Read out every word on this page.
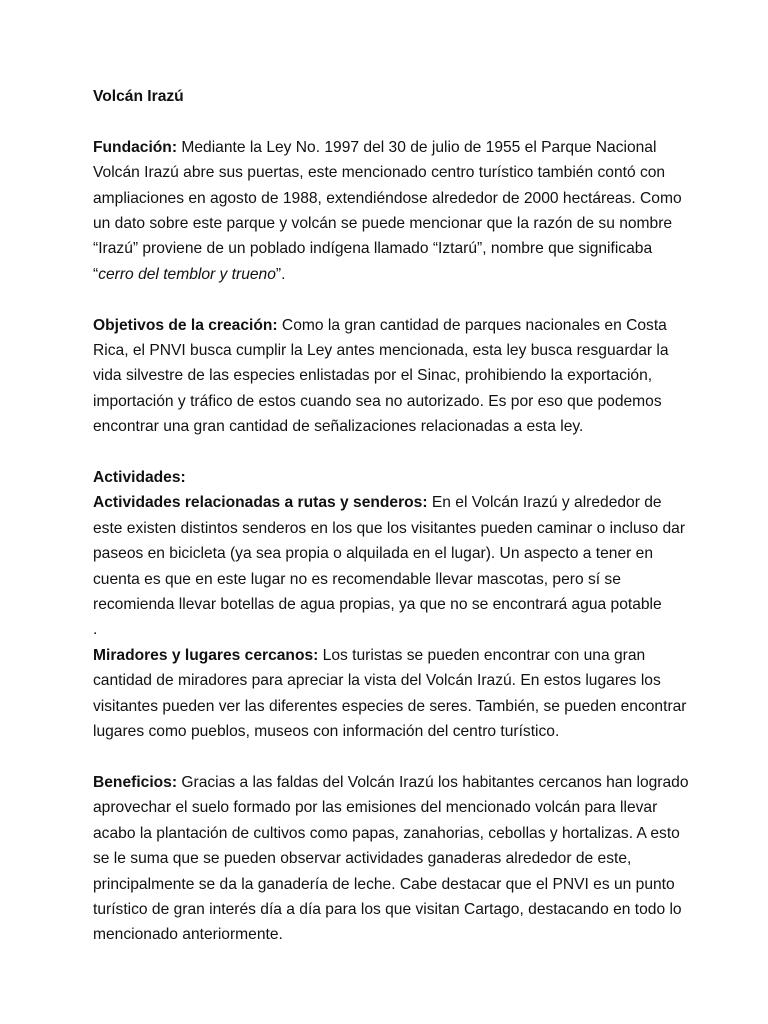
Volcán Irazú

Fundación: Mediante la Ley No. 1997 del 30 de julio de 1955 el Parque Nacional Volcán Irazú abre sus puertas, este mencionado centro turístico también contó con ampliaciones en agosto de 1988, extendiéndose alrededor de 2000 hectáreas. Como un dato sobre este parque y volcán se puede mencionar que la razón de su nombre “Irazú” proviene de un poblado indígena llamado “Iztarú”, nombre que significaba “cerro del temblor y trueno”.

Objetivos de la creación: Como la gran cantidad de parques nacionales en Costa Rica, el PNVI busca cumplir la Ley antes mencionada, esta ley busca resguardar la vida silvestre de las especies enlistadas por el Sinac, prohibiendo la exportación, importación y tráfico de estos cuando sea no autorizado. Es por eso que podemos encontrar una gran cantidad de señalizaciones relacionadas a esta ley.

Actividades:

Actividades relacionadas a rutas y senderos: En el Volcán Irazú y alrededor de este existen distintos senderos en los que los visitantes pueden caminar o incluso dar paseos en bicicleta (ya sea propia o alquilada en el lugar). Un aspecto a tener en cuenta es que en este lugar no es recomendable llevar mascotas, pero sí se recomienda llevar botellas de agua propias, ya que no se encontrará agua potable

.

Miradores y lugares cercanos: Los turistas se pueden encontrar con una gran cantidad de miradores para apreciar la vista del Volcán Irazú. En estos lugares los visitantes pueden ver las diferentes especies de seres. También, se pueden encontrar lugares como pueblos, museos con información del centro turístico.

Beneficios: Gracias a las faldas del Volcán Irazú los habitantes cercanos han logrado aprovechar el suelo formado por las emisiones del mencionado volcán para llevar acabo la plantación de cultivos como papas, zanahorias, cebollas y hortalizas. A esto se le suma que se pueden observar actividades ganaderas alrededor de este, principalmente se da la ganadería de leche. Cabe destacar que el PNVI es un punto turístico de gran interés día a día para los que visitan Cartago, destacando en todo lo mencionado anteriormente.
